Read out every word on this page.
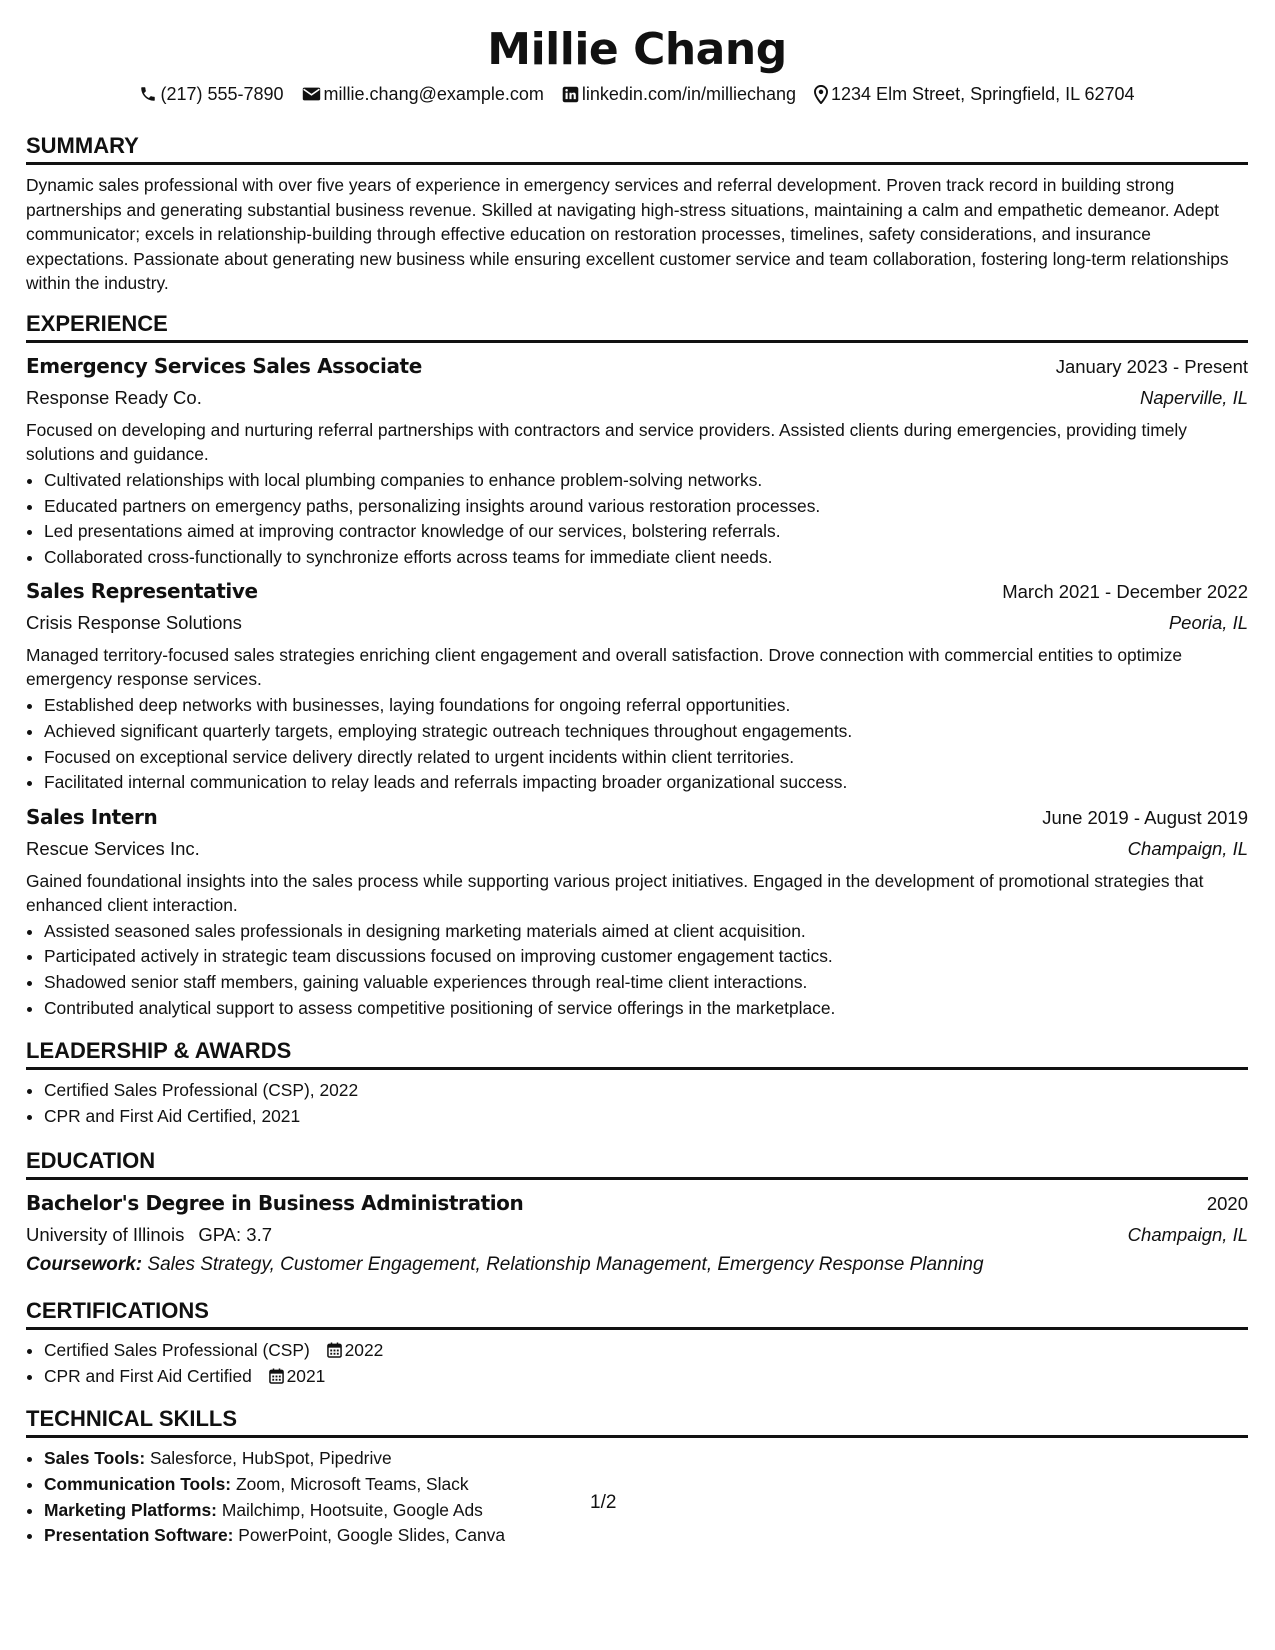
Millie Chang
(217) 555-7890 millie.chang@example.com linkedin.com/in/milliechang 1234 Elm Street, Springfield, IL 62704
SUMMARY

Dynamic sales professional with over five years of experience in emergency services and referral development. Proven track record in building strong partnerships and generating substantial business revenue. Skilled at navigating high-stress situations, maintaining a calm and empathetic demeanor. Adept communicator; excels in relationship-building through effective education on restoration processes, timelines, safety considerations, and insurance expectations. Passionate about generating new business while ensuring excellent customer service and team collaboration, fostering long-term relationships within the industry.

EXPERIENCE
Emergency Services Sales Associate	January 2023 - Present
Response Ready Co.	Naperville, IL
Focused on developing and nurturing referral partnerships with contractors and service providers. Assisted clients during emergencies, providing timely solutions and guidance.
• Cultivated relationships with local plumbing companies to enhance problem-solving networks.
• Educated partners on emergency paths, personalizing insights around various restoration processes.
• Led presentations aimed at improving contractor knowledge of our services, bolstering referrals.
• Collaborated cross-functionally to synchronize efforts across teams for immediate client needs.
Sales Representative	March 2021 - December 2022
Crisis Response Solutions	Peoria, IL
Managed territory-focused sales strategies enriching client engagement and overall satisfaction. Drove connection with commercial entities to optimize emergency response services.
• Established deep networks with businesses, laying foundations for ongoing referral opportunities.
• Achieved significant quarterly targets, employing strategic outreach techniques throughout engagements.
• Focused on exceptional service delivery directly related to urgent incidents within client territories.
• Facilitated internal communication to relay leads and referrals impacting broader organizational success.
Sales Intern	June 2019 - August 2019
Rescue Services Inc.	Champaign, IL
Gained foundational insights into the sales process while supporting various project initiatives. Engaged in the development of promotional strategies that enhanced client interaction.
• Assisted seasoned sales professionals in designing marketing materials aimed at client acquisition.
• Participated actively in strategic team discussions focused on improving customer engagement tactics.
• Shadowed senior staff members, gaining valuable experiences through real-time client interactions.
• Contributed analytical support to assess competitive positioning of service offerings in the marketplace.
LEADERSHIP & AWARDS
• Certified Sales Professional (CSP), 2022
• CPR and First Aid Certified, 2021
EDUCATION
Bachelor's Degree in Business Administration	2020
University of Illinois GPA: 3.7	Champaign, IL
Coursework: Sales Strategy, Customer Engagement, Relationship Management, Emergency Response Planning
CERTIFICATIONS
• Certified Sales Professional (CSP) 2022
• CPR and First Aid Certified 2021
TECHNICAL SKILLS
• Sales Tools: Salesforce, HubSpot, Pipedrive
• Communication Tools: Zoom, Microsoft Teams, Slack
• Marketing Platforms: Mailchimp, Hootsuite, Google Ads
• Presentation Software: PowerPoint, Google Slides, Canva
1/2
